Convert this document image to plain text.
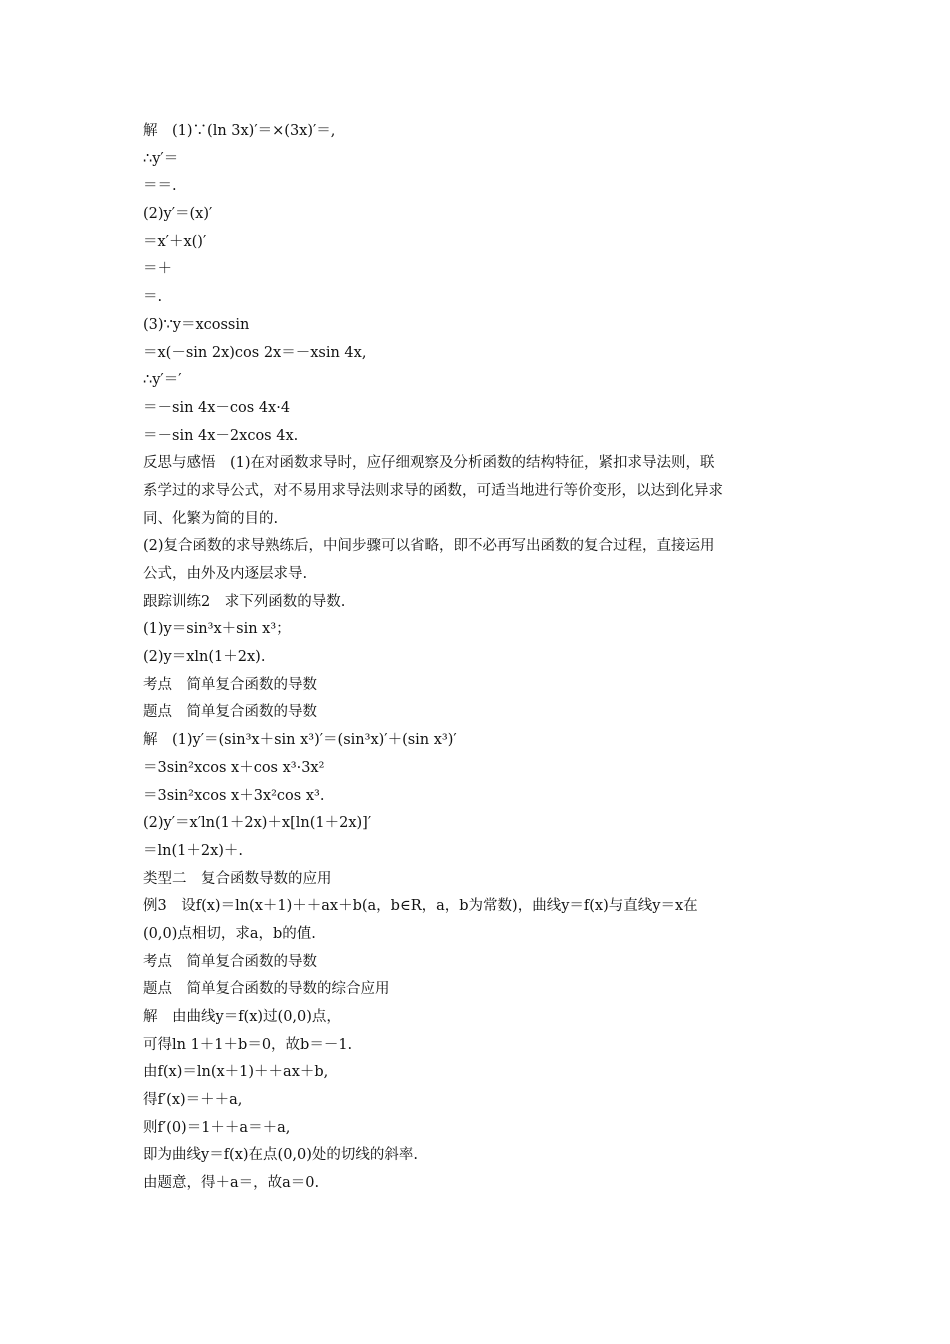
解　(1)∵(ln 3x)′＝×(3x)′＝,
∴y′＝
＝＝.
(2)y′＝(x)′
＝x′＋x()′
＝＋
＝.
(3)∵y＝xcossin
＝x(－sin 2x)cos 2x＝－xsin 4x,
∴y′＝′
＝－sin 4x－cos 4x·4
＝－sin 4x－2xcos 4x.
反思与感悟　(1)在对函数求导时，应仔细观察及分析函数的结构特征，紧扣求导法则，联
系学过的求导公式，对不易用求导法则求导的函数，可适当地进行等价变形，以达到化异求
同、化繁为简的目的.
(2)复合函数的求导熟练后，中间步骤可以省略，即不必再写出函数的复合过程，直接运用
公式，由外及内逐层求导.
跟踪训练2　求下列函数的导数.
(1)y＝sin³x＋sin x³；
(2)y＝xln(1＋2x).
考点　简单复合函数的导数
题点　简单复合函数的导数
解　(1)y′＝(sin³x＋sin x³)′＝(sin³x)′＋(sin x³)′
＝3sin²xcos x＋cos x³·3x²
＝3sin²xcos x＋3x²cos x³.
(2)y′＝x′ln(1＋2x)＋x[ln(1＋2x)]′
＝ln(1＋2x)＋.
类型二　复合函数导数的应用
例3　设f(x)＝ln(x＋1)＋＋ax＋b(a，b∈R，a，b为常数)，曲线y＝f(x)与直线y＝x在
(0,0)点相切，求a，b的值.
考点　简单复合函数的导数
题点　简单复合函数的导数的综合应用
解　由曲线y＝f(x)过(0,0)点，
可得ln 1＋1＋b＝0，故b＝－1.
由f(x)＝ln(x＋1)＋＋ax＋b,
得f′(x)＝＋＋a,
则f′(0)＝1＋＋a＝＋a,
即为曲线y＝f(x)在点(0,0)处的切线的斜率.
由题意，得＋a＝，故a＝0.
